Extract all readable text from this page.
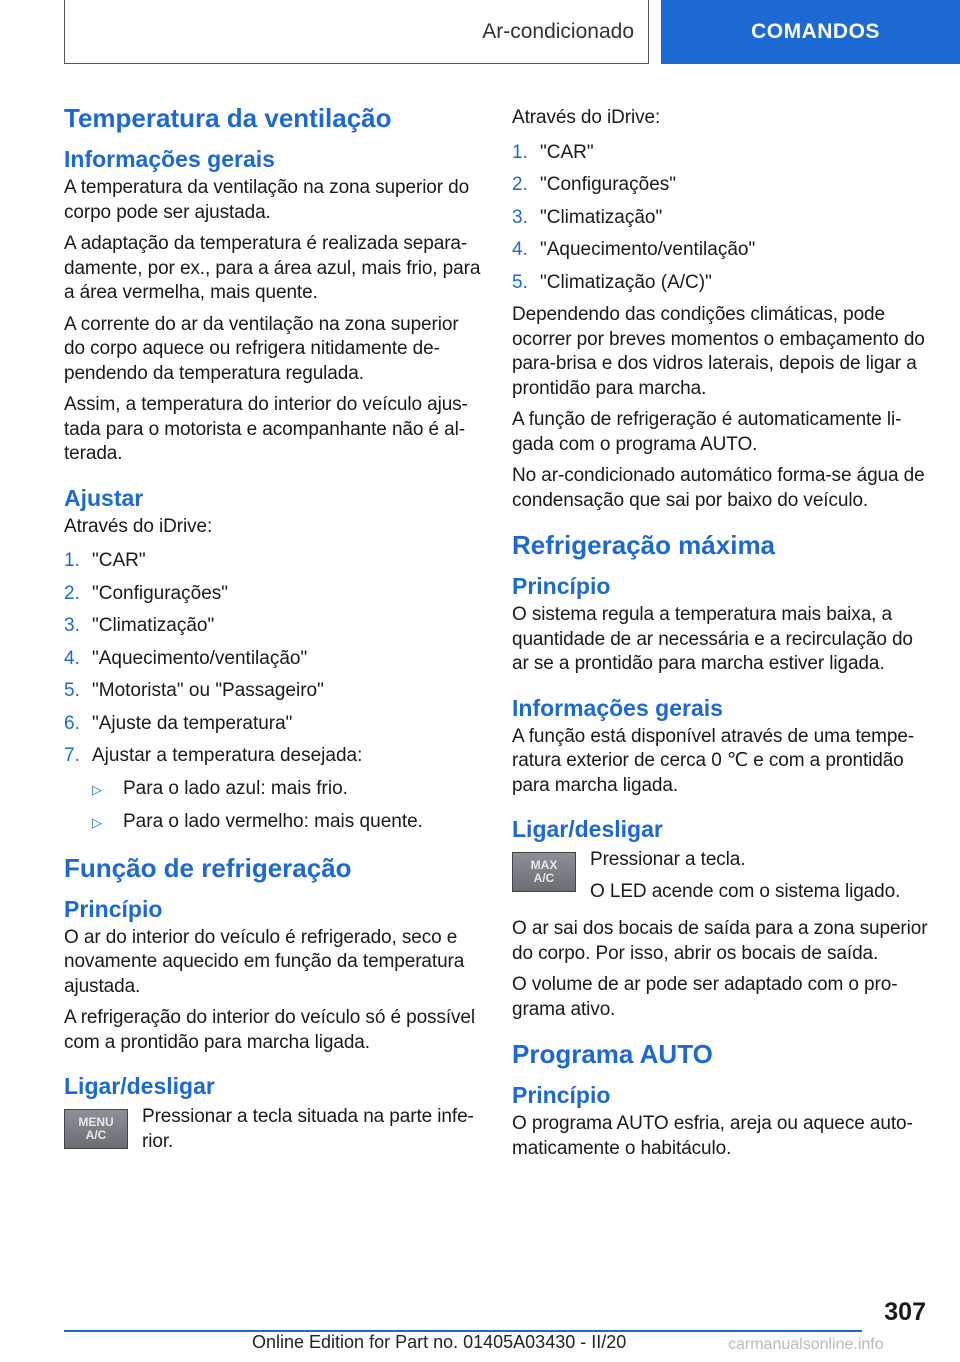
Ar-condicionado	COMANDOS
Temperatura da ventilação
Informações gerais
A temperatura da ventilação na zona superior do corpo pode ser ajustada.
A adaptação da temperatura é realizada separa‐damente, por ex., para a área azul, mais frio, para a área vermelha, mais quente.
A corrente do ar da ventilação na zona superior do corpo aquece ou refrigera nitidamente de‐pendendo da temperatura regulada.
Assim, a temperatura do interior do veículo ajus‐tada para o motorista e acompanhante não é al‐terada.
Ajustar
Através do iDrive:
1. "CAR"
2. "Configurações"
3. "Climatização"
4. "Aquecimento/ventilação"
5. "Motorista" ou "Passageiro"
6. "Ajuste da temperatura"
7. Ajustar a temperatura desejada:
▷	Para o lado azul: mais frio.
▷	Para o lado vermelho: mais quente.
Função de refrigeração
Princípio
O ar do interior do veículo é refrigerado, seco e novamente aquecido em função da temperatura ajustada.
A refrigeração do interior do veículo só é possível com a prontidão para marcha ligada.
Ligar/desligar
MENU
A/C
Pressionar a tecla situada na parte infe‐rior.
Através do iDrive:
1. "CAR"
2. "Configurações"
3. "Climatização"
4. "Aquecimento/ventilação"
5. "Climatização (A/C)"
Dependendo das condições climáticas, pode ocorrer por breves momentos o embaçamento do para-brisa e dos vidros laterais, depois de ligar a prontidão para marcha.
A função de refrigeração é automaticamente li‐gada com o programa AUTO.
No ar-condicionado automático forma-se água de condensação que sai por baixo do veículo.
Refrigeração máxima
Princípio
O sistema regula a temperatura mais baixa, a quantidade de ar necessária e a recirculação do ar se a prontidão para marcha estiver ligada.
Informações gerais
A função está disponível através de uma tempe‐ratura exterior de cerca 0 ℃ e com a prontidão para marcha ligada.
Ligar/desligar
MAX
A/C
Pressionar a tecla.
O LED acende com o sistema ligado.
O ar sai dos bocais de saída para a zona superior do corpo. Por isso, abrir os bocais de saída.
O volume de ar pode ser adaptado com o pro‐grama ativo.
Programa AUTO
Princípio
O programa AUTO esfria, areja ou aquece auto‐maticamente o habitáculo.
307
Online Edition for Part no. 01405A03430 - II/20	carmanualsonline.info
